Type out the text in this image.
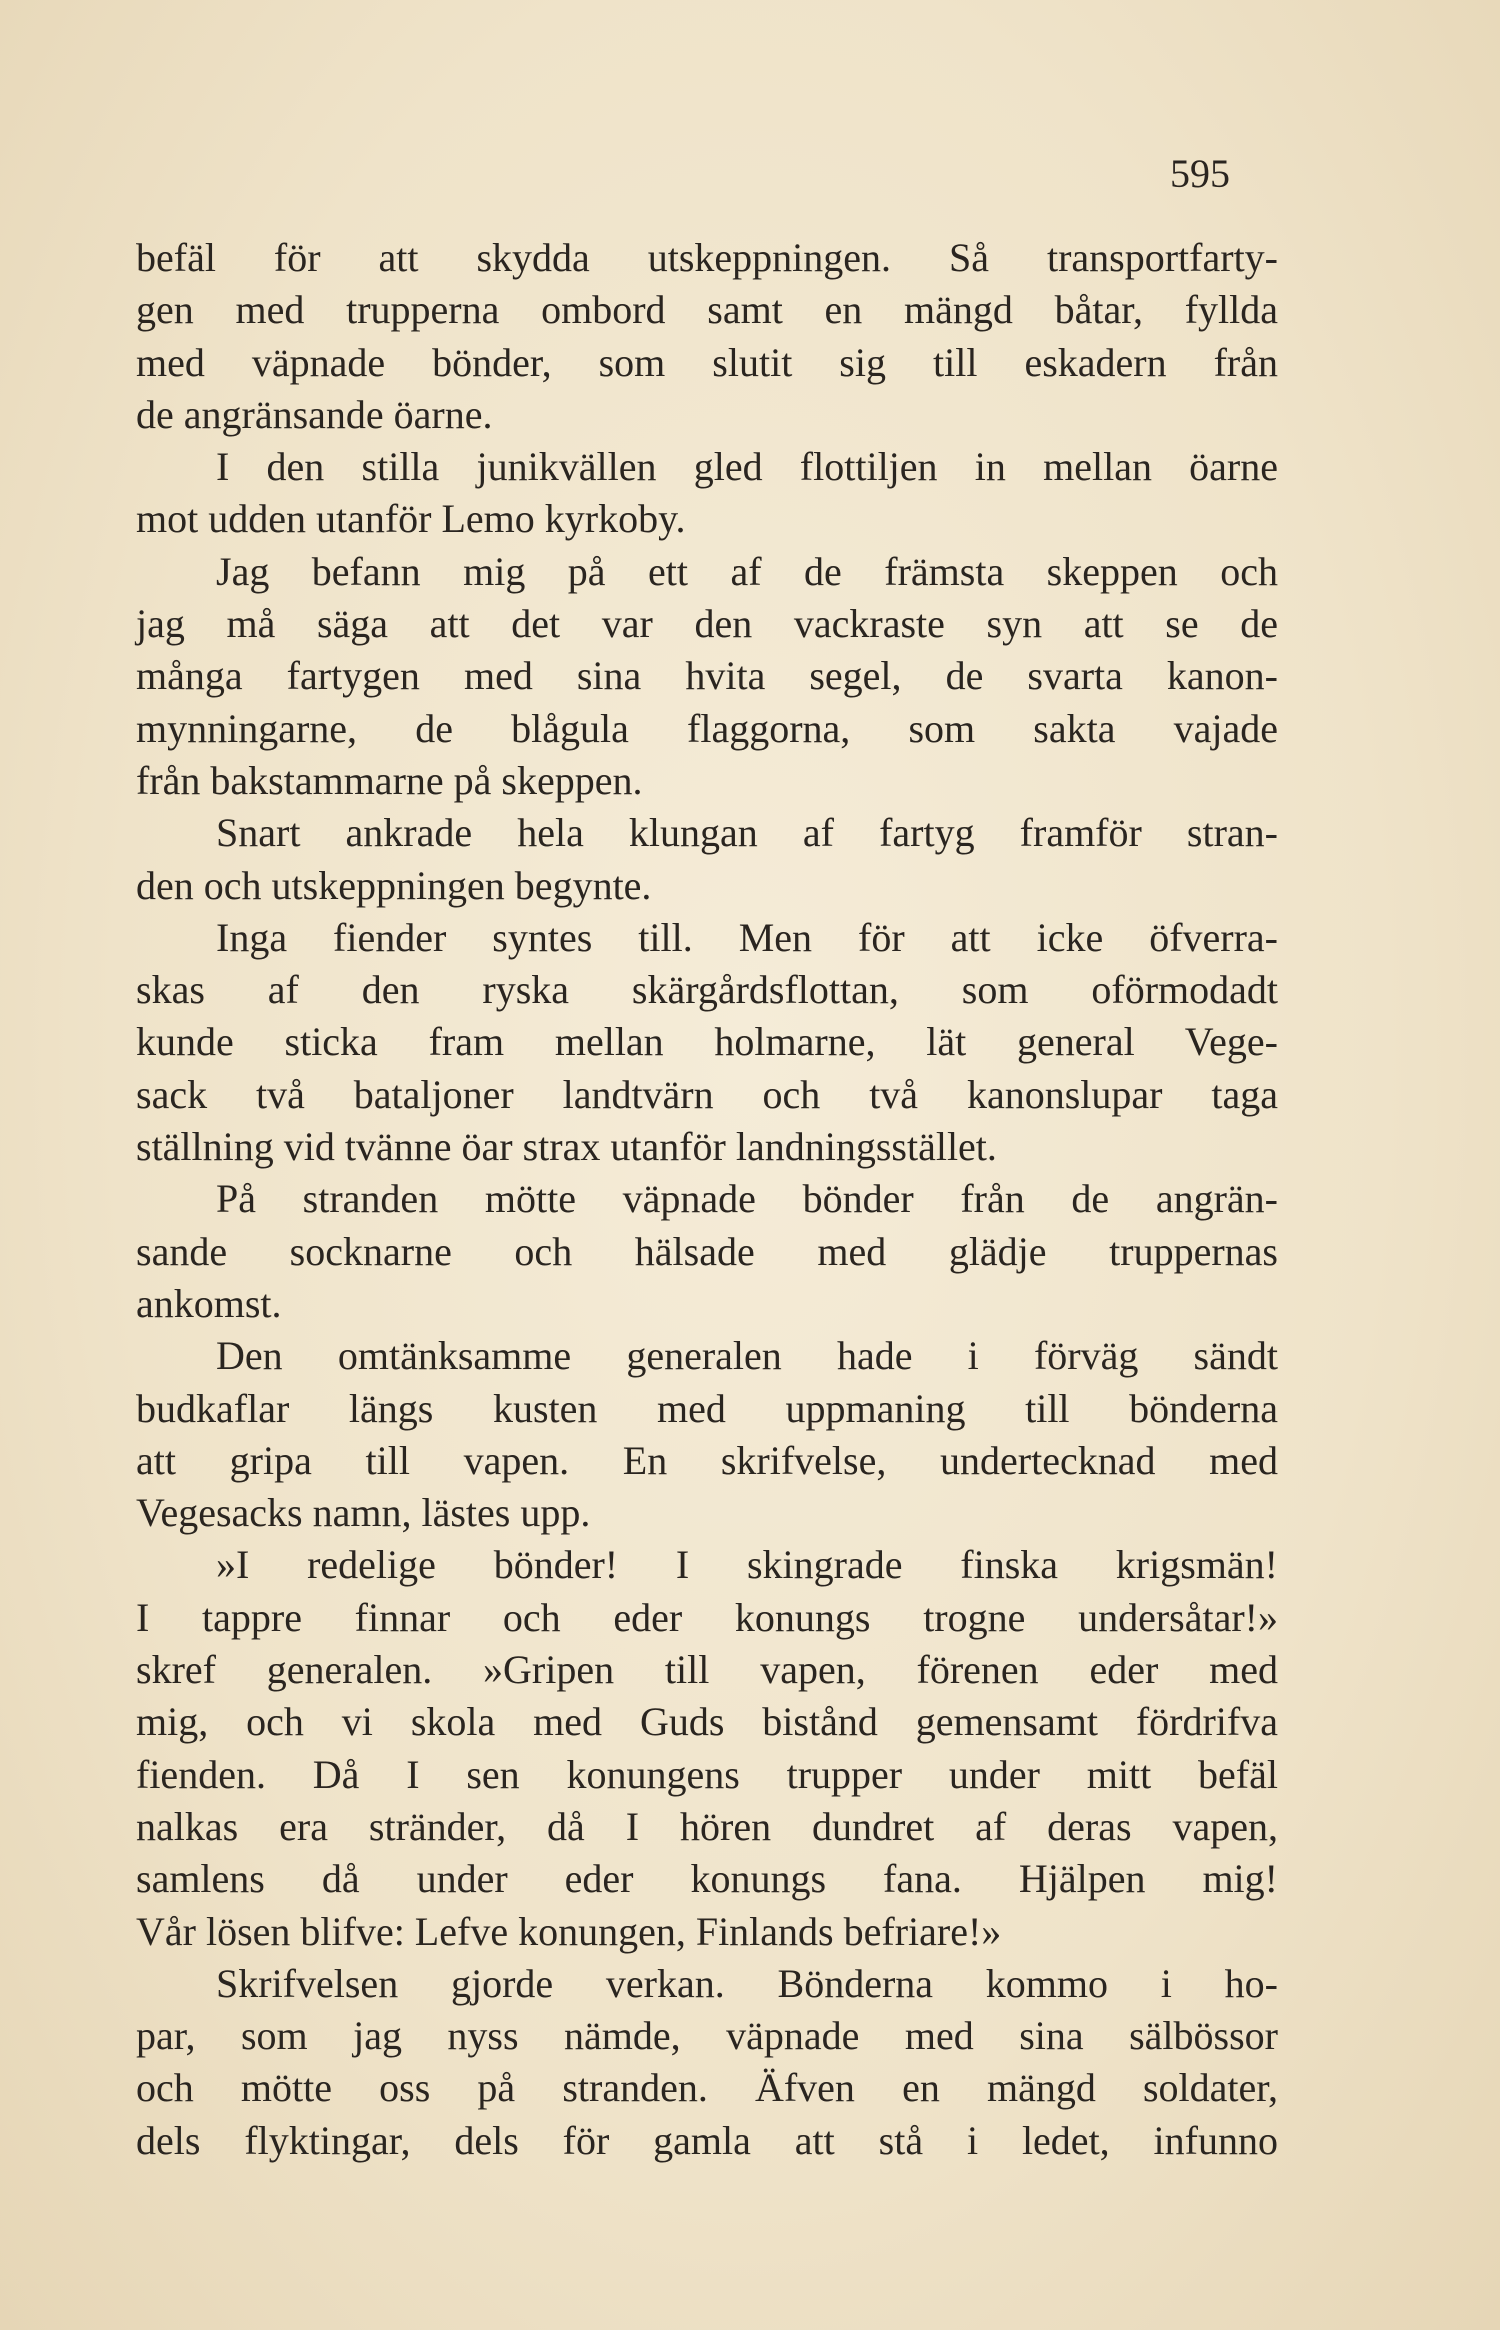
595
befäl för att skydda utskeppningen. Så transportfarty-
gen med trupperna ombord samt en mängd båtar, fyllda
med väpnade bönder, som slutit sig till eskadern från
de angränsande öarne.
I den stilla junikvällen gled flottiljen in mellan öarne
mot udden utanför Lemo kyrkoby.
Jag befann mig på ett af de främsta skeppen och
jag må säga att det var den vackraste syn att se de
många fartygen med sina hvita segel, de svarta kanon-
mynningarne, de blågula flaggorna, som sakta vajade
från bakstammarne på skeppen.
Snart ankrade hela klungan af fartyg framför stran-
den och utskeppningen begynte.
Inga fiender syntes till. Men för att icke öfverra-
skas af den ryska skärgårdsflottan, som oförmodadt
kunde sticka fram mellan holmarne, lät general Vege-
sack två bataljoner landtvärn och två kanonslupar taga
ställning vid tvänne öar strax utanför landningsstället.
På stranden mötte väpnade bönder från de angrän-
sande socknarne och hälsade med glädje truppernas
ankomst.
Den omtänksamme generalen hade i förväg sändt
budkaflar längs kusten med uppmaning till bönderna
att gripa till vapen. En skrifvelse, undertecknad med
Vegesacks namn, lästes upp.
»I redelige bönder! I skingrade finska krigsmän!
I tappre finnar och eder konungs trogne undersåtar!»
skref generalen. »Gripen till vapen, förenen eder med
mig, och vi skola med Guds bistånd gemensamt fördrifva
fienden. Då I sen konungens trupper under mitt befäl
nalkas era stränder, då I hören dundret af deras vapen,
samlens då under eder konungs fana. Hjälpen mig!
Vår lösen blifve: Lefve konungen, Finlands befriare!»
Skrifvelsen gjorde verkan. Bönderna kommo i ho-
par, som jag nyss nämde, väpnade med sina sälbössor
och mötte oss på stranden. Äfven en mängd soldater,
dels flyktingar, dels för gamla att stå i ledet, infunno
